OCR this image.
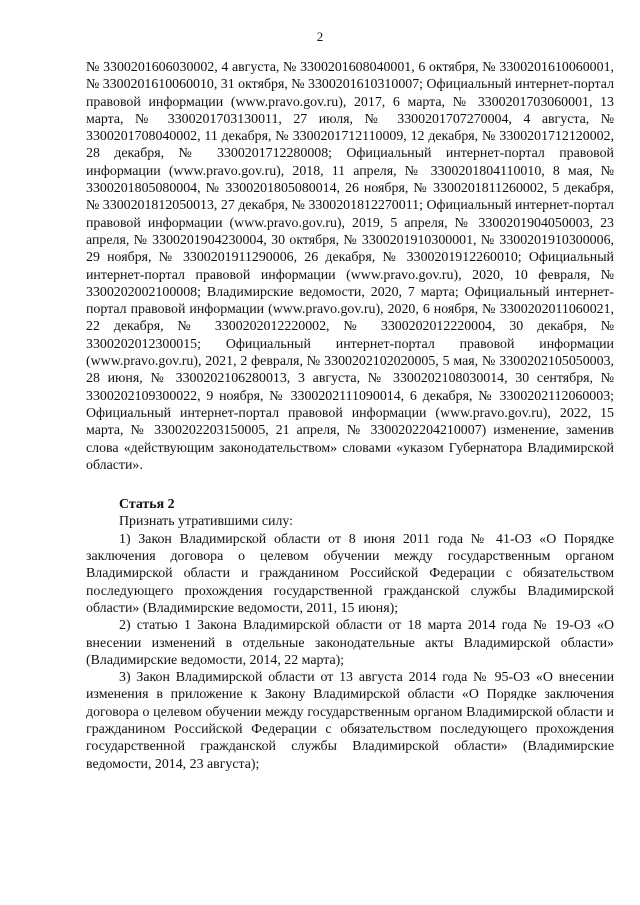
2

№ 3300201606030002, 4 августа, № 3300201608040001, 6 октября, № 3300201610060001, № 3300201610060010, 31 октября, № 3300201610310007; Официальный интернет-портал правовой информации (www.pravo.gov.ru), 2017, 6 марта, № 3300201703060001, 13 марта, № 3300201703130011, 27 июля, № 3300201707270004, 4 августа, № 3300201708040002, 11 декабря, № 3300201712110009, 12 декабря, № 3300201712120002, 28 декабря, № 3300201712280008; Официальный интернет-портал правовой информации (www.pravo.gov.ru), 2018, 11 апреля, № 3300201804110010, 8 мая, № 3300201805080004, № 3300201805080014, 26 ноября, № 3300201811260002, 5 декабря, № 3300201812050013, 27 декабря, № 3300201812270011; Официальный интернет-портал правовой информации (www.pravo.gov.ru), 2019, 5 апреля, № 3300201904050003, 23 апреля, № 3300201904230004, 30 октября, № 3300201910300001, № 3300201910300006, 29 ноября, № 3300201911290006, 26 декабря, № 3300201912260010; Официальный интернет-портал правовой информации (www.pravo.gov.ru), 2020, 10 февраля, № 3300202002100008; Владимирские ведомости, 2020, 7 марта; Официальный интернет-портал правовой информации (www.pravo.gov.ru), 2020, 6 ноября, № 3300202011060021, 22 декабря, № 3300202012220002, № 3300202012220004, 30 декабря, № 3300202012300015; Официальный интернет-портал правовой информации (www.pravo.gov.ru), 2021, 2 февраля, № 3300202102020005, 5 мая, № 3300202105050003, 28 июня, № 3300202106280013, 3 августа, № 3300202108030014, 30 сентября, № 3300202109300022, 9 ноября, № 3300202111090014, 6 декабря, № 3300202112060003; Официальный интернет-портал правовой информации (www.pravo.gov.ru), 2022, 15 марта, № 3300202203150005, 21 апреля, № 3300202204210007) изменение, заменив слова «действующим законодательством» словами «указом Губернатора Владимирской области».

Статья 2

Признать утратившими силу:

1) Закон Владимирской области от 8 июня 2011 года № 41-ОЗ «О Порядке заключения договора о целевом обучении между государственным органом Владимирской области и гражданином Российской Федерации с обязательством последующего прохождения государственной гражданской службы Владимирской области» (Владимирские ведомости, 2011, 15 июня);

2) статью 1 Закона Владимирской области от 18 марта 2014 года № 19-ОЗ «О внесении изменений в отдельные законодательные акты Владимирской области» (Владимирские ведомости, 2014, 22 марта);

3) Закон Владимирской области от 13 августа 2014 года № 95-ОЗ «О внесении изменения в приложение к Закону Владимирской области «О Порядке заключения договора о целевом обучении между государственным органом Владимирской области и гражданином Российской Федерации с обязательством последующего прохождения государственной гражданской службы Владимирской области» (Владимирские ведомости, 2014, 23 августа);
